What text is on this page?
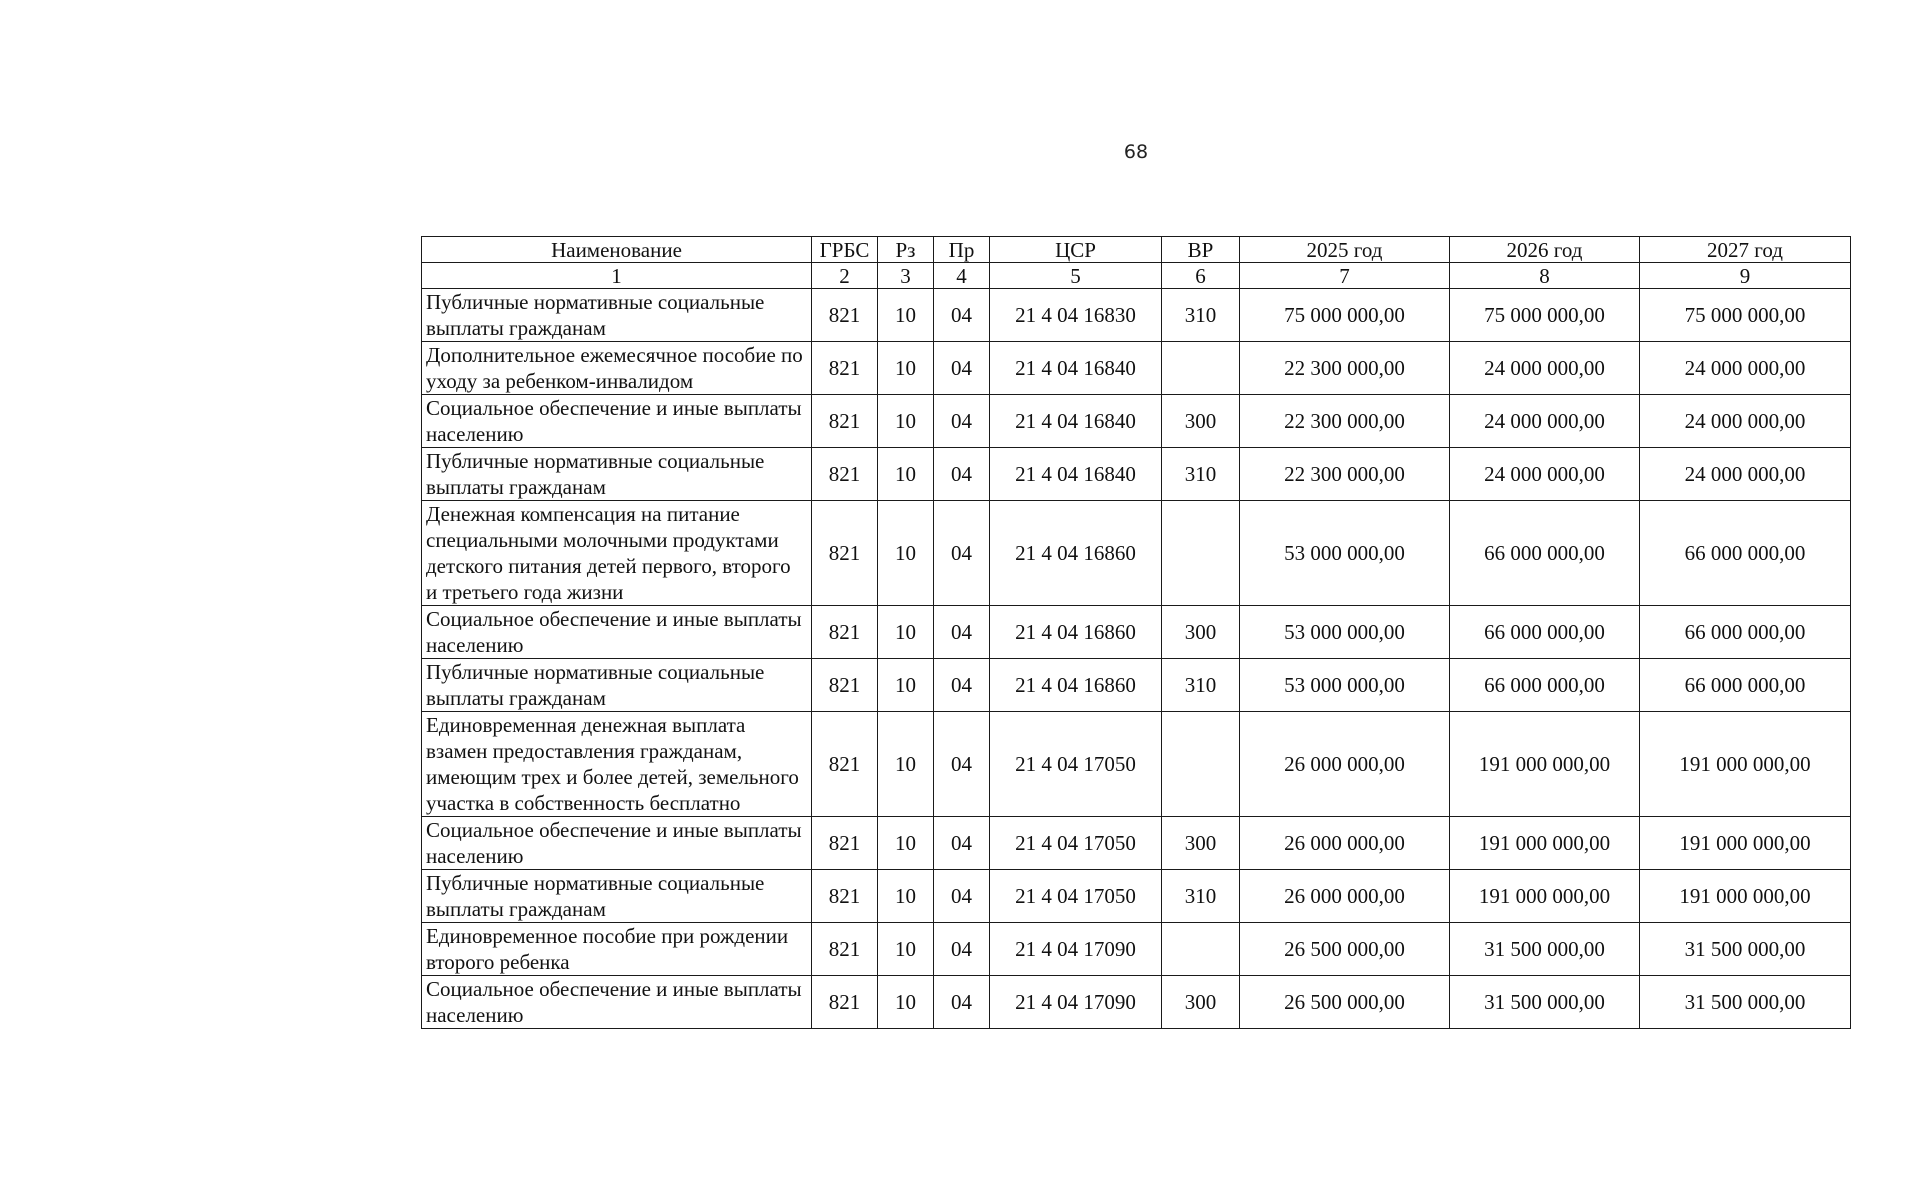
68
Наименование	ГРБС	Рз	Пр	ЦСР	ВР	2025 год	2026 год	2027 год
1	2	3	4	5	6	7	8	9
Публичные нормативные социальные выплаты гражданам	821	10	04	21 4 04 16830	310	75 000 000,00	75 000 000,00	75 000 000,00
Дополнительное ежемесячное пособие по уходу за ребенком-инвалидом	821	10	04	21 4 04 16840		22 300 000,00	24 000 000,00	24 000 000,00
Социальное обеспечение и иные выплаты населению	821	10	04	21 4 04 16840	300	22 300 000,00	24 000 000,00	24 000 000,00
Публичные нормативные социальные выплаты гражданам	821	10	04	21 4 04 16840	310	22 300 000,00	24 000 000,00	24 000 000,00
Денежная компенсация на питание специальными молочными продуктами детского питания детей первого, второго и третьего года жизни	821	10	04	21 4 04 16860		53 000 000,00	66 000 000,00	66 000 000,00
Социальное обеспечение и иные выплаты населению	821	10	04	21 4 04 16860	300	53 000 000,00	66 000 000,00	66 000 000,00
Публичные нормативные социальные выплаты гражданам	821	10	04	21 4 04 16860	310	53 000 000,00	66 000 000,00	66 000 000,00
Единовременная денежная выплата взамен предоставления гражданам, имеющим трех и более детей, земельного участка в собственность бесплатно	821	10	04	21 4 04 17050		26 000 000,00	191 000 000,00	191 000 000,00
Социальное обеспечение и иные выплаты населению	821	10	04	21 4 04 17050	300	26 000 000,00	191 000 000,00	191 000 000,00
Публичные нормативные социальные выплаты гражданам	821	10	04	21 4 04 17050	310	26 000 000,00	191 000 000,00	191 000 000,00
Единовременное пособие при рождении второго ребенка	821	10	04	21 4 04 17090		26 500 000,00	31 500 000,00	31 500 000,00
Социальное обеспечение и иные выплаты населению	821	10	04	21 4 04 17090	300	26 500 000,00	31 500 000,00	31 500 000,00
